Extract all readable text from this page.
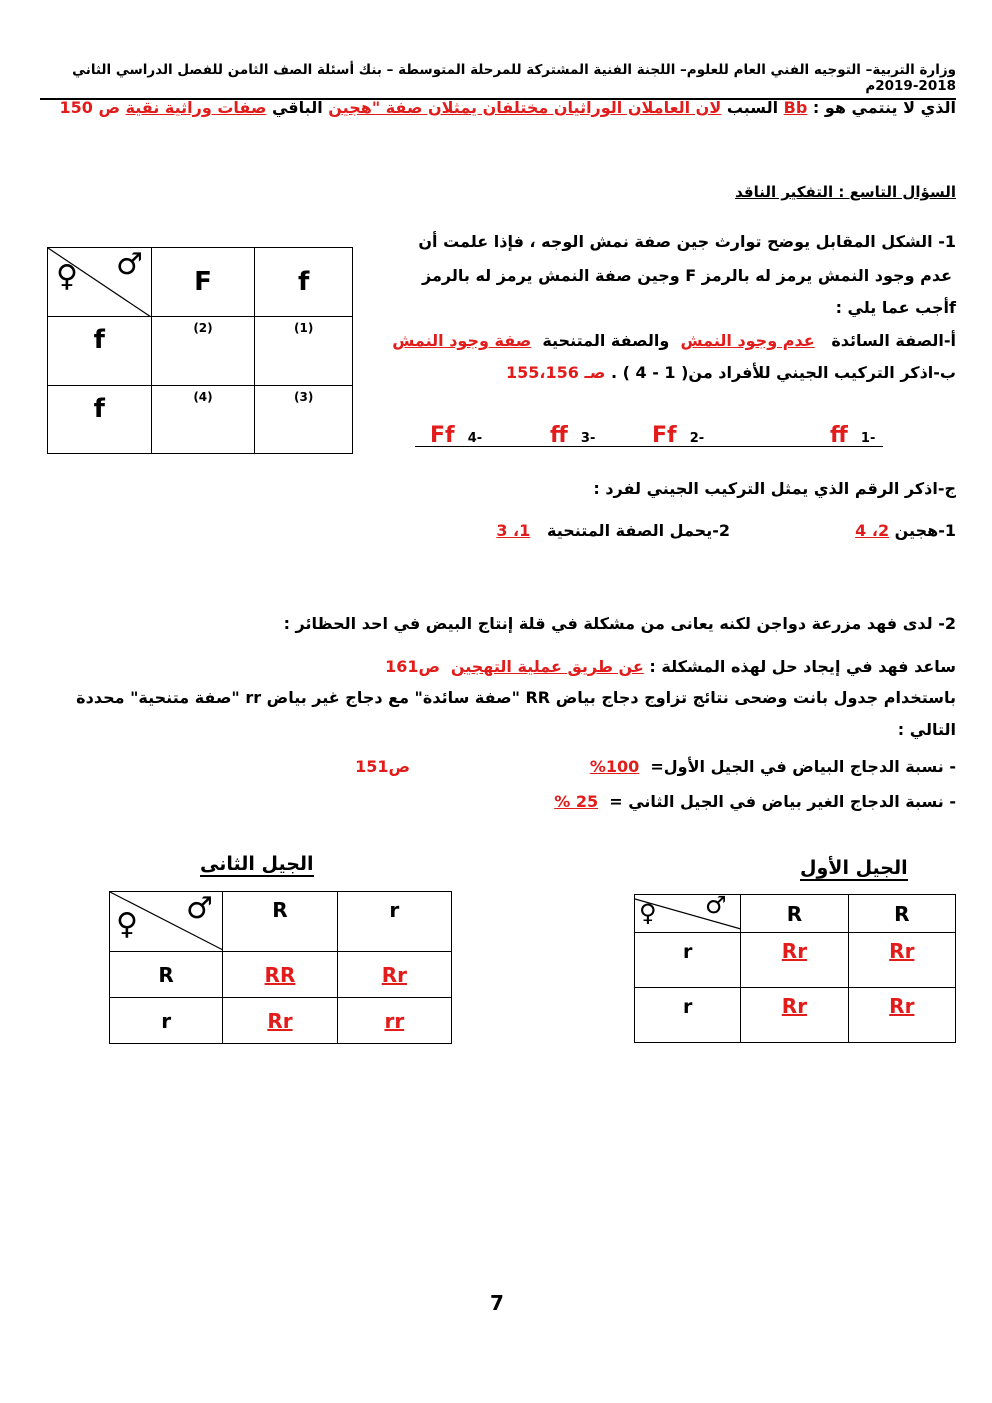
وزارة التربية– التوجيه الفني العام للعلوم– اللجنة الفنية المشتركة للمرحلة المتوسطة – بنك أسئلة الصف الثامن للفصل الدراسي الثاني 2018-2019م
الذي لا ينتمي هو : Bb السبب لان العاملان الوراثيان مختلفان يمثلان صفة "هجين الباقي صفات وراثية نقية ص 150
السؤال التاسع : التفكير الناقد
1- الشكل المقابل يوضح توارث جين صفة نمش الوجه ، فإذا علمت أن
عدم وجود النمش يرمز له بالرمز F وجين صفة النمش يرمز له بالرمز
fأجب عما يلي :
أ-الصفة السائدة   عدم وجود النمش  والصفة المتنحية  صفة وجود النمش
ب-اذكر التركيب الجيني للأفراد من( 1 - 4 ) . صـ 155،156
ff 1-
Ff 2-
ff 3-
Ff 4-
ج-اذكر الرقم الذي يمثل التركيب الجيني لفرد :
1-هجين 2، 4
2-يحمل الصفة المتنحية   1، 3
♀ ♂	F	f
f	(2)	(1)

f	(4)	(3)
2- لدى فهد مزرعة دواجن لكنه يعانى من مشكلة في قلة إنتاج البيض في احد الحظائر :
ساعد فهد في إيجاد حل لهذه المشكلة : عن طريق عملية التهجين
ص161
باستخدام جدول بانت وضحى نتائج تزاوج دجاج بياض RR "صفة سائدة" مع دجاج غير بياض rr "صفة متنحية" محددة
التالي :
- نسبة الدجاج البياض في الجيل الأول=  100%
ص151
- نسبة الدجاج الغير بياض في الجيل الثاني =  25 %
الجيل الأول
الجيل الثانى
♀ ♂	R	R
r	Rr	Rr
r	Rr	Rr
♀ ♂	R	r
R	RR	Rr
r	Rr	rr
7
